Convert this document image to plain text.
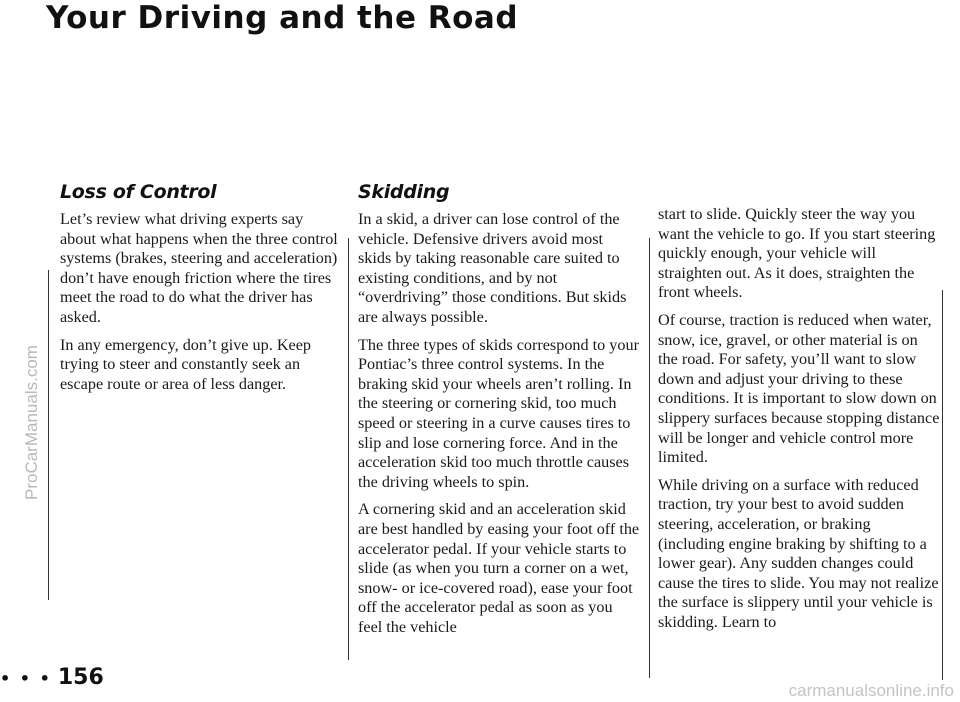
Your Driving and the Road
Loss of Control

Let’s review what driving experts say about what happens when the three control systems (brakes, steering and acceleration) don’t have enough friction where the tires meet the road to do what the driver has asked.

In any emergency, don’t give up. Keep trying to steer and constantly seek an escape route or area of less danger.

Skidding

In a skid, a driver can lose control of the vehicle. Defensive drivers avoid most skids by taking reasonable care suited to existing conditions, and by not “overdriving” those conditions. But skids are always possible.

The three types of skids correspond to your Pontiac’s three control systems. In the braking skid your wheels aren’t rolling. In the steering or cornering skid, too much speed or steering in a curve causes tires to slip and lose cornering force. And in the acceleration skid too much throttle causes the driving wheels to spin.

A cornering skid and an acceleration skid are best handled by easing your foot off the accelerator pedal. If your vehicle starts to slide (as when you turn a corner on a wet, snow- or ice-covered road), ease your foot off the accelerator pedal as soon as you feel the vehicle

start to slide. Quickly steer the way you want the vehicle to go. If you start steering quickly enough, your vehicle will straighten out. As it does, straighten the front wheels.

Of course, traction is reduced when water, snow, ice, gravel, or other material is on the road. For safety, you’ll want to slow down and adjust your driving to these conditions. It is important to slow down on slippery surfaces because stopping distance will be longer and vehicle control more limited.

While driving on a surface with reduced traction, try your best to avoid sudden steering, acceleration, or braking (including engine braking by shifting to a lower gear). Any sudden changes could cause the tires to slide. You may not realize the surface is slippery until your vehicle is skidding. Learn to

• • • 156
ProCarManuals.com
carmanualsonline.info
